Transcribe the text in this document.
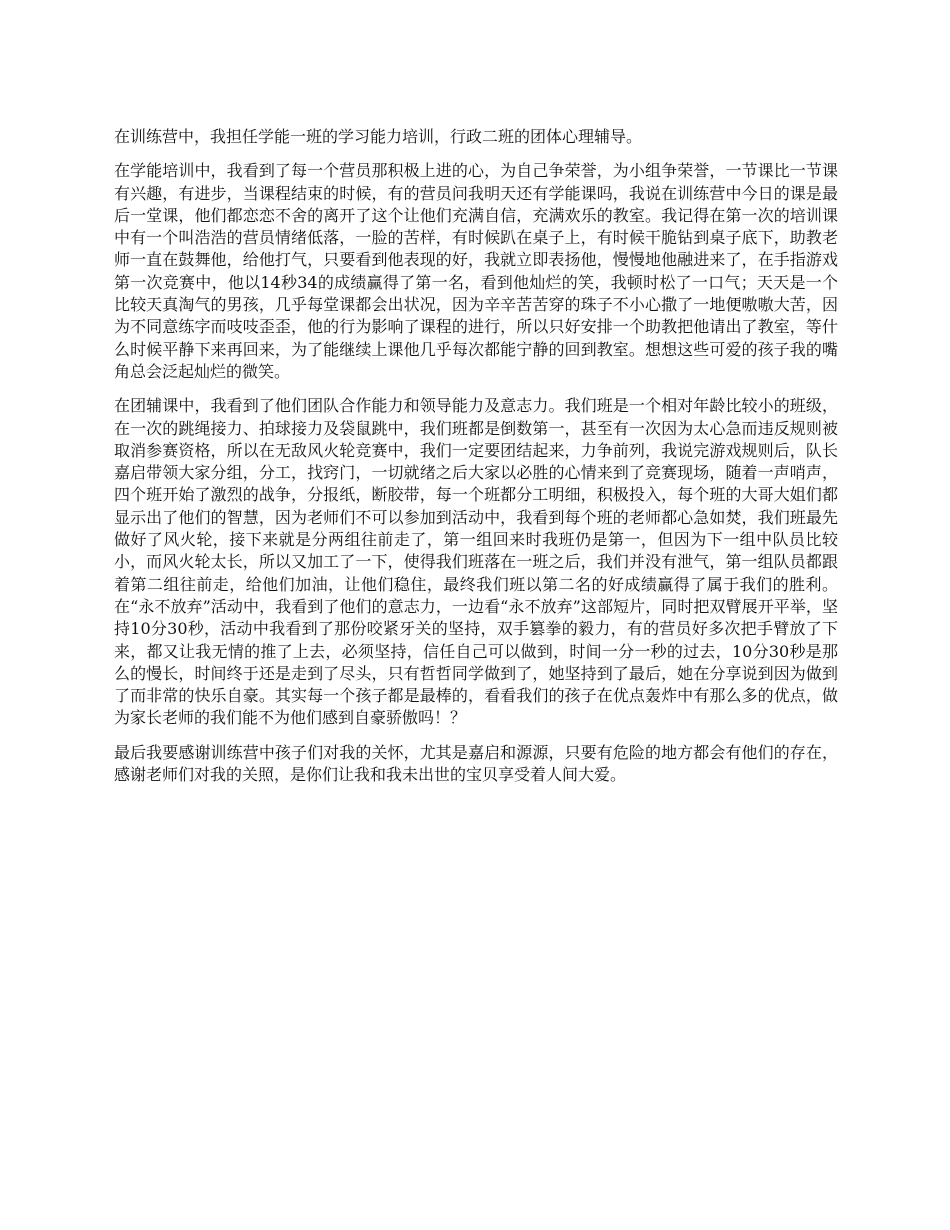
在训练营中，我担任学能一班的学习能力培训，行政二班的团体心理辅导。

在学能培训中，我看到了每一个营员那积极上进的心，为自己争荣誉，为小组争荣誉，一节课比一节课有兴趣，有进步，当课程结束的时候，有的营员问我明天还有学能课吗，我说在训练营中今日的课是最后一堂课，他们都恋恋不舍的离开了这个让他们充满自信，充满欢乐的教室。我记得在第一次的培训课中有一个叫浩浩的营员情绪低落，一脸的苦样，有时候趴在桌子上，有时候干脆钻到桌子底下，助教老师一直在鼓舞他，给他打气，只要看到他表现的好，我就立即表扬他，慢慢地他融进来了，在手指游戏第一次竞赛中，他以14秒34的成绩赢得了第一名，看到他灿烂的笑，我顿时松了一口气；天天是一个比较天真淘气的男孩，几乎每堂课都会出状况，因为辛辛苦苦穿的珠子不小心撒了一地便嗷嗷大苦，因为不同意练字而吱吱歪歪，他的行为影响了课程的进行，所以只好安排一个助教把他请出了教室，等什么时候平静下来再回来，为了能继续上课他几乎每次都能宁静的回到教室。想想这些可爱的孩子我的嘴角总会泛起灿烂的微笑。

在团辅课中，我看到了他们团队合作能力和领导能力及意志力。我们班是一个相对年龄比较小的班级，在一次的跳绳接力、拍球接力及袋鼠跳中，我们班都是倒数第一，甚至有一次因为太心急而违反规则被取消参赛资格，所以在无敌风火轮竞赛中，我们一定要团结起来，力争前列，我说完游戏规则后，队长嘉启带领大家分组，分工，找窍门，一切就绪之后大家以必胜的心情来到了竞赛现场，随着一声哨声，四个班开始了激烈的战争，分报纸，断胶带，每一个班都分工明细，积极投入，每个班的大哥大姐们都显示出了他们的智慧，因为老师们不可以参加到活动中，我看到每个班的老师都心急如焚，我们班最先做好了风火轮，接下来就是分两组往前走了，第一组回来时我班仍是第一，但因为下一组中队员比较小，而风火轮太长，所以又加工了一下，使得我们班落在一班之后，我们并没有泄气，第一组队员都跟着第二组往前走，给他们加油，让他们稳住，最终我们班以第二名的好成绩赢得了属于我们的胜利。在“永不放弃”活动中，我看到了他们的意志力，一边看“永不放弃”这部短片，同时把双臂展开平举，坚持10分30秒，活动中我看到了那份咬紧牙关的坚持，双手篡拳的毅力，有的营员好多次把手臂放了下来，都又让我无情的推了上去，必须坚持，信任自己可以做到，时间一分一秒的过去，10分30秒是那么的慢长，时间终于还是走到了尽头，只有哲哲同学做到了，她坚持到了最后，她在分享说到因为做到了而非常的快乐自豪。其实每一个孩子都是最棒的，看看我们的孩子在优点轰炸中有那么多的优点，做为家长老师的我们能不为他们感到自豪骄傲吗！？

最后我要感谢训练营中孩子们对我的关怀，尤其是嘉启和源源，只要有危险的地方都会有他们的存在，感谢老师们对我的关照，是你们让我和我未出世的宝贝享受着人间大爱。
